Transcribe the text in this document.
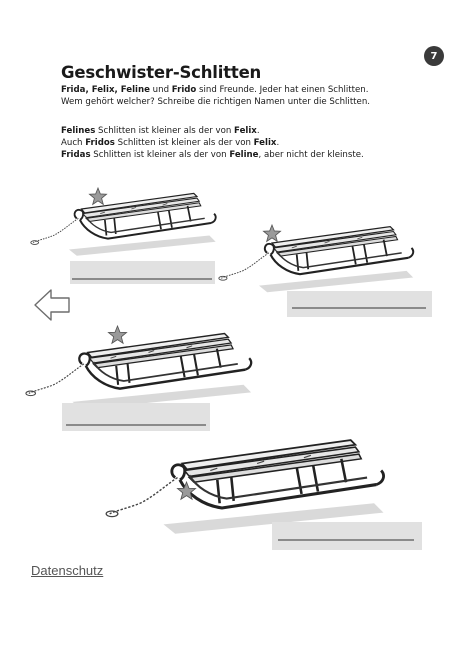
7
Geschwister-Schlitten
Frida, Felix, Feline und Frido sind Freunde. Jeder hat einen Schlitten.
Wem gehört welcher? Schreibe die richtigen Namen unter die Schlitten.
Felines Schlitten ist kleiner als der von Felix.
Auch Fridos Schlitten ist kleiner als der von Felix.
Fridas Schlitten ist kleiner als der von Feline, aber nicht der kleinste.
Datenschutz
